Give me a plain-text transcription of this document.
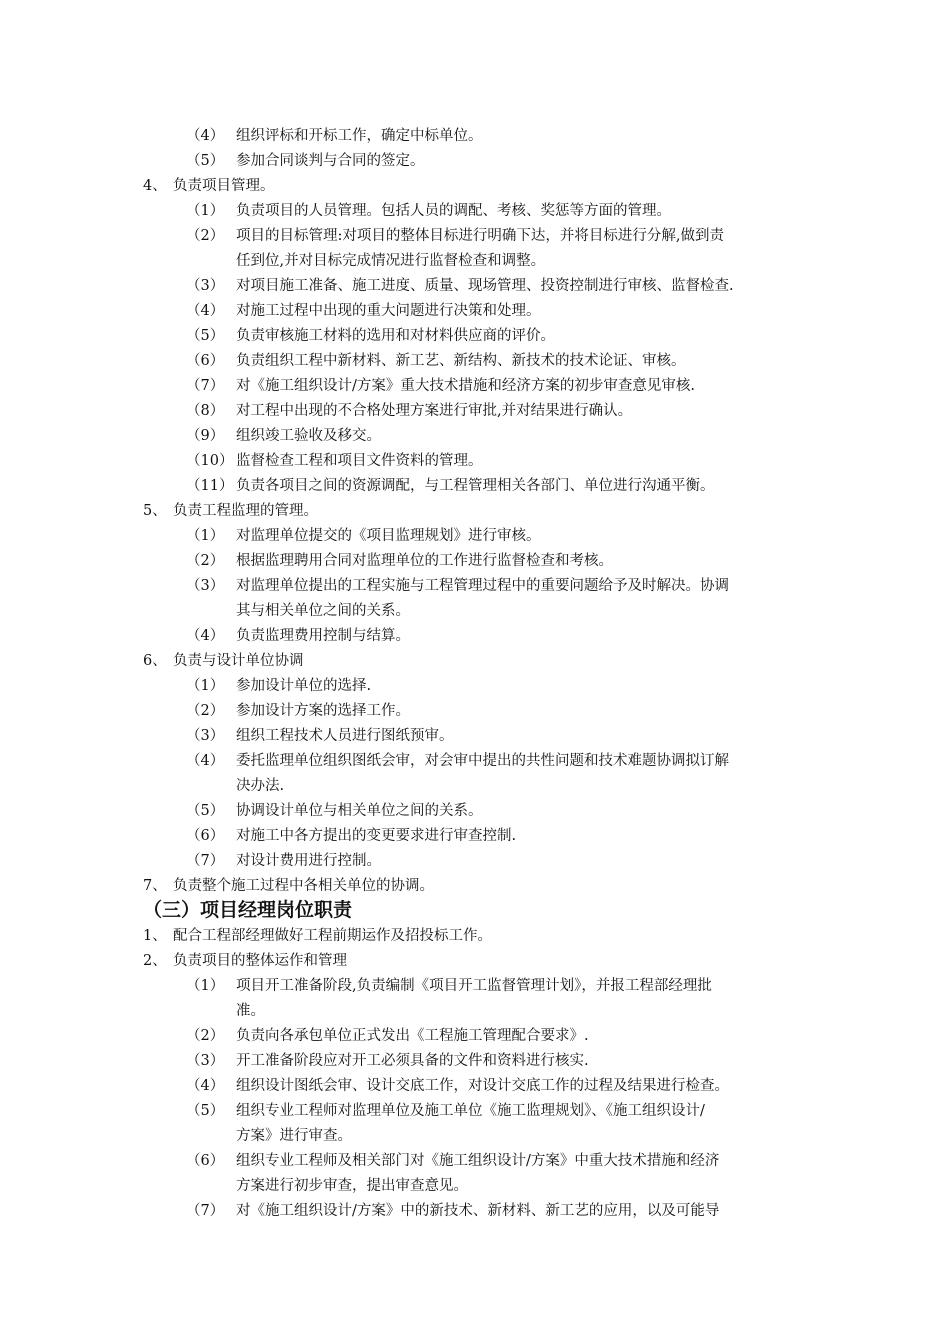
（4） 组织评标和开标工作，确定中标单位。
（5） 参加合同谈判与合同的签定。
4、 负责项目管理。
（1） 负责项目的人员管理。包括人员的调配、考核、奖惩等方面的管理。
（2） 项目的目标管理:对项目的整体目标进行明确下达，并将目标进行分解,做到责
任到位,并对目标完成情况进行监督检查和调整。
（3） 对项目施工准备、施工进度、质量、现场管理、投资控制进行审核、监督检查.
（4） 对施工过程中出现的重大问题进行决策和处理。
（5） 负责审核施工材料的选用和对材料供应商的评价。
（6） 负责组织工程中新材料、新工艺、新结构、新技术的技术论证、审核。
（7） 对《施工组织设计/方案》重大技术措施和经济方案的初步审查意见审核.
（8） 对工程中出现的不合格处理方案进行审批,并对结果进行确认。
（9） 组织竣工验收及移交。
（10） 监督检查工程和项目文件资料的管理。
（11） 负责各项目之间的资源调配，与工程管理相关各部门、单位进行沟通平衡。
5、 负责工程监理的管理。
（1） 对监理单位提交的《项目监理规划》进行审核。
（2） 根据监理聘用合同对监理单位的工作进行监督检查和考核。
（3） 对监理单位提出的工程实施与工程管理过程中的重要问题给予及时解决。协调
其与相关单位之间的关系。
（4） 负责监理费用控制与结算。
6、 负责与设计单位协调
（1） 参加设计单位的选择.
（2） 参加设计方案的选择工作。
（3） 组织工程技术人员进行图纸预审。
（4） 委托监理单位组织图纸会审，对会审中提出的共性问题和技术难题协调拟订解
决办法.
（5） 协调设计单位与相关单位之间的关系。
（6） 对施工中各方提出的变更要求进行审查控制.
（7） 对设计费用进行控制。
7、 负责整个施工过程中各相关单位的协调。
（三）项目经理岗位职责
1、 配合工程部经理做好工程前期运作及招投标工作。
2、 负责项目的整体运作和管理
（1） 项目开工准备阶段,负责编制《项目开工监督管理计划》，并报工程部经理批
准。
（2） 负责向各承包单位正式发出《工程施工管理配合要求》.
（3） 开工准备阶段应对开工必须具备的文件和资料进行核实.
（4） 组织设计图纸会审、设计交底工作，对设计交底工作的过程及结果进行检查。
（5） 组织专业工程师对监理单位及施工单位《施工监理规划》、《施工组织设计/
方案》进行审查。
（6） 组织专业工程师及相关部门对《施工组织设计/方案》中重大技术措施和经济
方案进行初步审查，提出审查意见。
（7） 对《施工组织设计/方案》中的新技术、新材料、新工艺的应用，以及可能导
